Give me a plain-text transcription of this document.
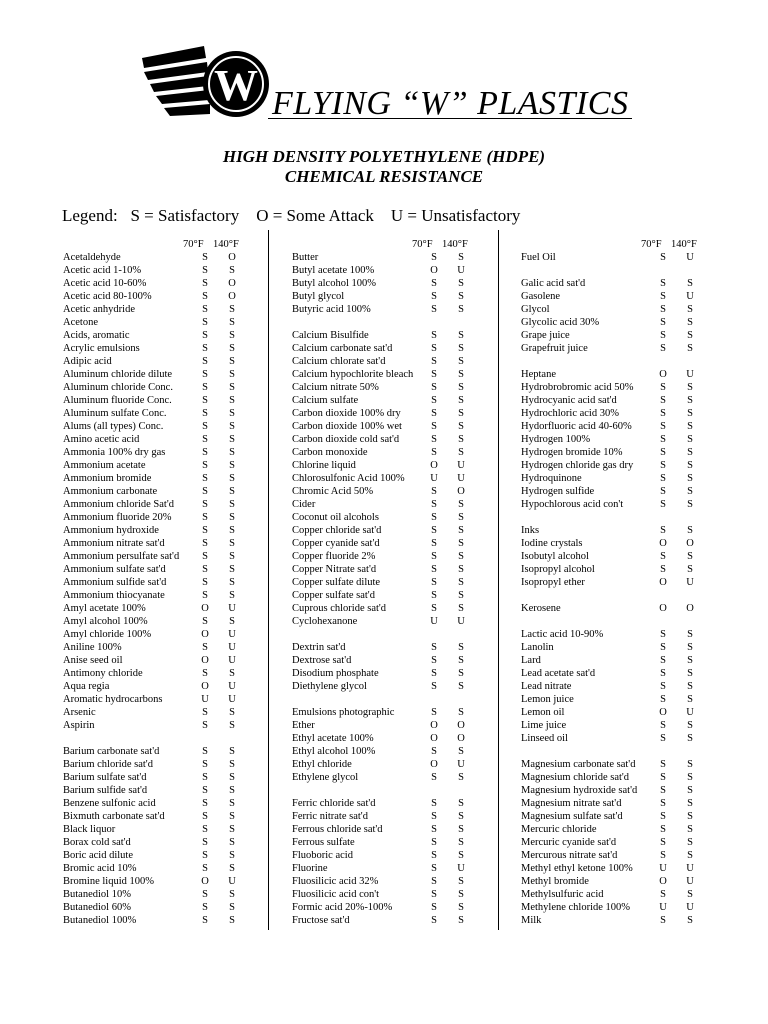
W FLYING “W” PLASTICS
HIGH DENSITY POLYETHYLENE (HDPE)
CHEMICAL RESISTANCE
Legend:   S = Satisfactory    O = Some Attack    U = Unsatisfactory
70°F 140°F
Acetaldehyde	S O
Acetic acid 1-10%	S S
Acetic acid 10-60%	S O
Acetic acid 80-100%	S O
Acetic anhydride	S S
Acetone	S S
Acids, aromatic	S S
Acrylic emulsions	S S
Adipic acid	S S
Aluminum chloride dilute	S S
Aluminum chloride Conc.	S S
Aluminum fluoride Conc.	S S
Aluminum sulfate Conc.	S S
Alums (all types) Conc.	S S
Amino acetic acid	S S
Ammonia 100% dry gas	S S
Ammonium acetate	S S
Ammonium bromide	S S
Ammonium carbonate	S S
Ammonium chloride Sat'd	S S
Ammonium fluoride 20%	S S
Ammonium hydroxide	S S
Ammonium nitrate sat'd	S S
Ammonium persulfate sat'd S S
Ammonium sulfate sat'd	S S
Ammonium sulfide sat'd	S S
Ammonium thiocyanate	S S
Amyl acetate 100%	O U
Amyl alcohol 100%	S S
Amyl chloride 100%	O U
Aniline 100%	S U
Anise seed oil	O U
Antimony chloride	S S
Aqua regia	O U
Aromatic hydrocarbons	U U
Arsenic	S S
Aspirin	S S
Barium carbonate sat'd	S S
Barium chloride sat'd	S S
Barium sulfate sat'd	S S
Barium sulfide sat'd	S S
Benzene sulfonic acid	S S
Bixmuth carbonate sat'd	S S
Black liquor	S S
Borax cold sat'd	S S
Boric acid dilute	S S
Bromic acid 10%	S S
Bromine liquid 100%	O U
Butanediol 10%	S S
Butanediol 60%	S S
Butanediol 100%	S S
70°F 140°F
Butter	S S
Butyl acetate 100%	O U
Butyl alcohol 100%	S S
Butyl glycol	S S
Butyric acid 100%	S S
Calcium Bisulfide	S S
Calcium carbonate sat'd	S S
Calcium chlorate sat'd	S S
Calcium hypochlorite bleach S S
Calcium nitrate 50%	S S
Calcium sulfate	S S
Carbon dioxide 100% dry	S S
Carbon dioxide 100% wet	S S
Carbon dioxide cold sat'd	S S
Carbon monoxide	S S
Chlorine liquid	O U
Chlorosulfonic Acid 100% U U
Chromic Acid 50%	S O
Cider	S S
Coconut oil alcohols	S S
Copper chloride sat'd	S S
Copper cyanide sat'd	S S
Copper fluoride 2%	S S
Copper Nitrate sat'd	S S
Copper sulfate dilute	S S
Copper sulfate sat'd	S S
Cuprous chloride sat'd	S S
Cyclohexanone	U U
Dextrin sat'd	S S
Dextrose sat'd	S S
Disodium phosphate	S S
Diethylene glycol	S S
Emulsions photographic	S S
Ether	O O
Ethyl acetate 100%	O O
Ethyl alcohol 100%	S S
Ethyl chloride	O U
Ethylene glycol	S S
Ferric chloride sat'd	S S
Ferric nitrate sat'd	S S
Ferrous chloride sat'd	S S
Ferrous sulfate	S S
Fluoboric acid	S S
Fluorine	S U
Fluosilicic acid 32%	S S
Fluosilicic acid con't	S S
Formic acid 20%-100%	S S
Fructose sat'd	S S
70°F 140°F
Fuel Oil	S U
Galic acid sat'd	S S
Gasolene	S U
Glycol	S S
Glycolic acid 30%	S S
Grape juice	S S
Grapefruit juice	S S
Heptane	O U
Hydrobrobromic acid 50%	S S
Hydrocyanic acid sat'd	S S
Hydrochloric acid 30%	S S
Hydorfluoric acid 40-60%	S S
Hydrogen 100%	S S
Hydrogen bromide 10%	S S
Hydrogen chloride gas dry	S S
Hydroquinone	S S
Hydrogen sulfide	S S
Hypochlorous acid con't	S S
Inks	S S
Iodine crystals	O O
Isobutyl alcohol	S S
Isopropyl alcohol	S S
Isopropyl ether	O U
Kerosene	O O
Lactic acid 10-90%	S S
Lanolin	S S
Lard	S S
Lead acetate sat'd	S S
Lead nitrate	S S
Lemon juice	S S
Lemon oil	O U
Lime juice	S S
Linseed oil	S S
Magnesium carbonate sat'd S S
Magnesium chloride sat'd	S S
Magnesium hydroxide sat'd S S
Magnesium nitrate sat'd	S S
Magnesium sulfate sat'd	S S
Mercuric chloride	S S
Mercuric cyanide sat'd	S S
Mercurous nitrate sat'd	S S
Methyl ethyl ketone 100%	U U
Methyl bromide	O U
Methylsulfuric acid	S S
Methylene chloride 100%	U U
Milk	S S
